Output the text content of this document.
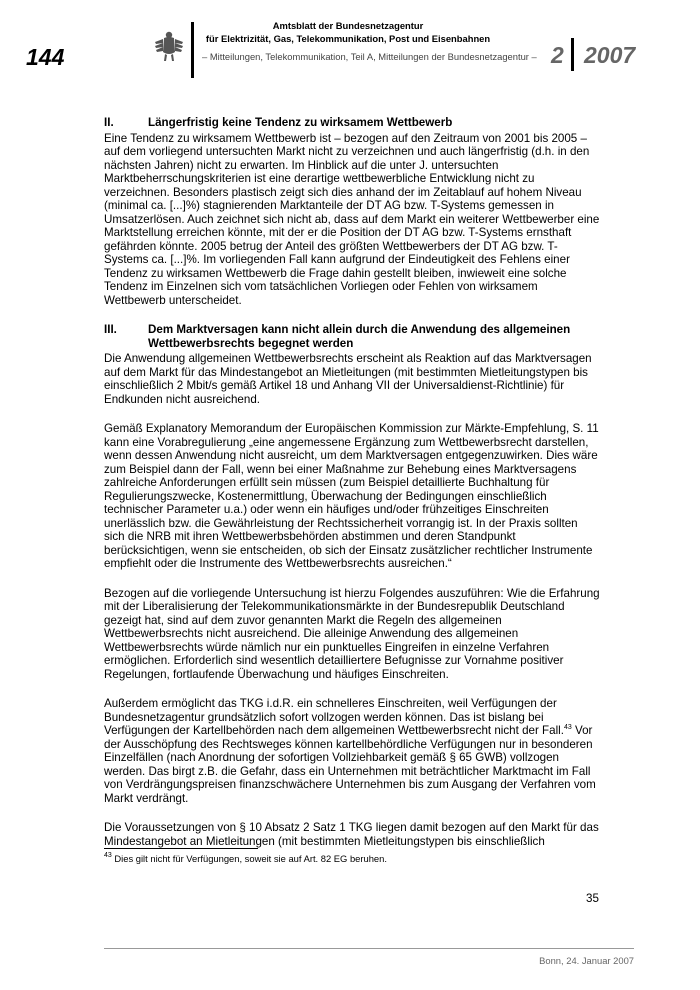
144
Amtsblatt der Bundesnetzagentur
für Elektrizität, Gas, Telekommunikation, Post und Eisenbahnen
– Mitteilungen, Telekommunikation, Teil A, Mitteilungen der Bundesnetzagentur – 2 2007
II.	Längerfristig keine Tendenz zu wirksamem Wettbewerb

Eine Tendenz zu wirksamem Wettbewerb ist – bezogen auf den Zeitraum von 2001 bis 2005 – auf dem vorliegend untersuchten Markt nicht zu verzeichnen und auch längerfristig (d.h. in den nächsten Jahren) nicht zu erwarten. Im Hinblick auf die unter J. untersuchten Marktbeherrschungskriterien ist eine derartige wettbewerbliche Entwicklung nicht zu verzeichnen. Besonders plastisch zeigt sich dies anhand der im Zeitablauf auf hohem Niveau (minimal ca. [...]%) stagnierenden Marktanteile der DT AG bzw. T-Systems gemessen in Umsatzerlösen. Auch zeichnet sich nicht ab, dass auf dem Markt ein weiterer Wettbewerber eine Marktstellung erreichen könnte, mit der er die Position der DT AG bzw. T-Systems ernsthaft gefährden könnte. 2005 betrug der Anteil des größten Wettbewerbers der DT AG bzw. T-Systems ca. [...]%. Im vorliegenden Fall kann aufgrund der Eindeutigkeit des Fehlens einer Tendenz zu wirksamen Wettbewerb die Frage dahin gestellt bleiben, inwieweit eine solche Tendenz im Einzelnen sich vom tatsächlichen Vorliegen oder Fehlen von wirksamem Wettbewerb unterscheidet.

III.	Dem Marktversagen kann nicht allein durch die Anwendung des allgemeinen Wettbewerbsrechts begegnet werden

Die Anwendung allgemeinen Wettbewerbsrechts erscheint als Reaktion auf das Marktversagen auf dem Markt für das Mindestangebot an Mietleitungen (mit bestimmten Mietleitungstypen bis einschließlich 2 Mbit/s gemäß Artikel 18 und Anhang VII der Universaldienst-Richtlinie) für Endkunden nicht ausreichend.

Gemäß Explanatory Memorandum der Europäischen Kommission zur Märkte-Empfehlung, S. 11 kann eine Vorabregulierung „eine angemessene Ergänzung zum Wettbewerbsrecht darstellen, wenn dessen Anwendung nicht ausreicht, um dem Marktversagen entgegenzuwirken. Dies wäre zum Beispiel dann der Fall, wenn bei einer Maßnahme zur Behebung eines Marktversagens zahlreiche Anforderungen erfüllt sein müssen (zum Beispiel detaillierte Buchhaltung für Regulierungszwecke, Kostenermittlung, Überwachung der Bedingungen einschließlich technischer Parameter u.a.) oder wenn ein häufiges und/oder frühzeitiges Einschreiten unerlässlich bzw. die Gewährleistung der Rechtssicherheit vorrangig ist. In der Praxis sollten sich die NRB mit ihren Wettbewerbsbehörden abstimmen und deren Standpunkt berücksichtigen, wenn sie entscheiden, ob sich der Einsatz zusätzlicher rechtlicher Instrumente empfiehlt oder die Instrumente des Wettbewerbsrechts ausreichen.“

Bezogen auf die vorliegende Untersuchung ist hierzu Folgendes auszuführen: Wie die Erfahrung mit der Liberalisierung der Telekommunikationsmärkte in der Bundesrepublik Deutschland gezeigt hat, sind auf dem zuvor genannten Markt die Regeln des allgemeinen Wettbewerbsrechts nicht ausreichend. Die alleinige Anwendung des allgemeinen Wettbewerbsrechts würde nämlich nur ein punktuelles Eingreifen in einzelne Verfahren ermöglichen. Erforderlich sind wesentlich detailliertere Befugnisse zur Vornahme positiver Regelungen, fortlaufende Überwachung und häufiges Einschreiten.

Außerdem ermöglicht das TKG i.d.R. ein schnelleres Einschreiten, weil Verfügungen der Bundesnetzagentur grundsätzlich sofort vollzogen werden können. Das ist bislang bei Verfügungen der Kartellbehörden nach dem allgemeinen Wettbewerbsrecht nicht der Fall.$^{43}$ Vor der Ausschöpfung des Rechtsweges können kartellbehördliche Verfügungen nur in besonderen Einzelfällen (nach Anordnung der sofortigen Vollziehbarkeit gemäß § 65 GWB) vollzogen werden. Das birgt z.B. die Gefahr, dass ein Unternehmen mit beträchtlicher Marktmacht im Fall von Verdrängungspreisen finanzschwächere Unternehmen bis zum Ausgang der Verfahren vom Markt verdrängt.

Die Voraussetzungen von § 10 Absatz 2 Satz 1 TKG liegen damit bezogen auf den Markt für das Mindestangebot an Mietleitungen (mit bestimmten Mietleitungstypen bis einschließlich

$^{43}$ Dies gilt nicht für Verfügungen, soweit sie auf Art. 82 EG beruhen.
35
Bonn, 24. Januar 2007
